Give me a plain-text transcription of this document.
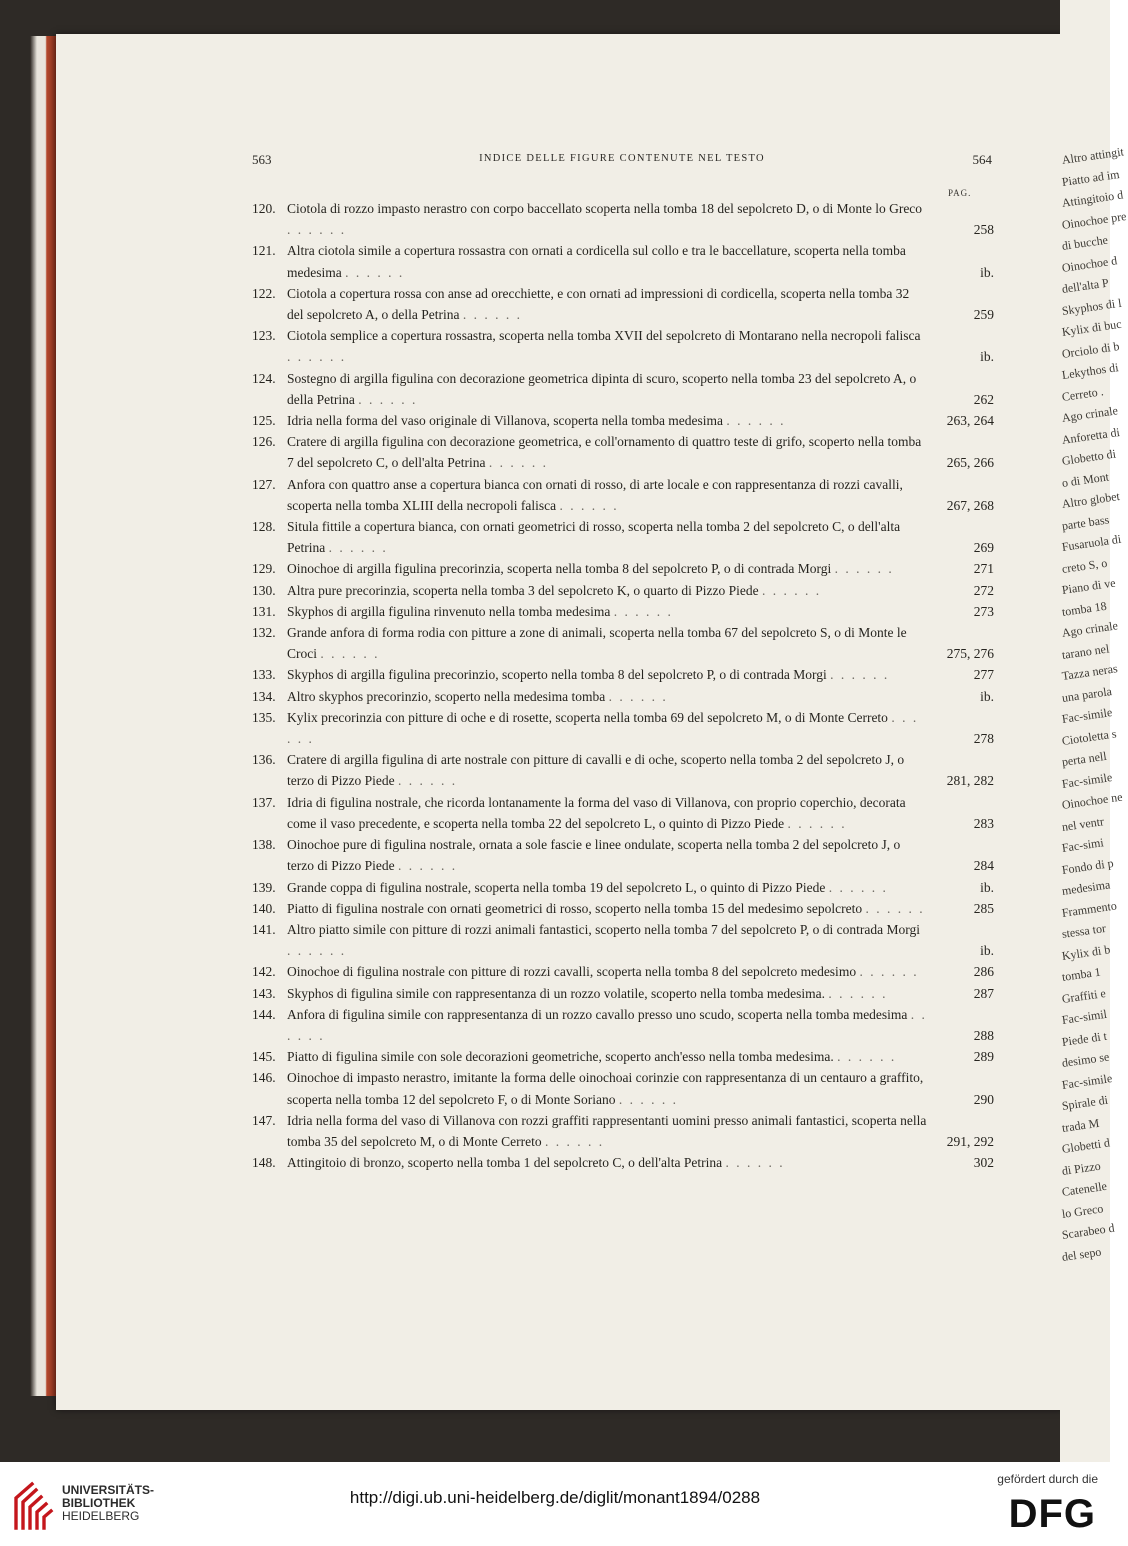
Altro attingit
Piatto ad im
Attingitoio d
Oinochoe pre
di bucche
Oinochoe d
dell'alta P
Skyphos di l
Kylix di buc
Orciolo di b
Lekythos di
Cerreto .
Ago crinale
Anforetta di
Globetto di
o di Mont
Altro globet
parte bass
Fusaruola di
creto S, o
Piano di ve
tomba 18
Ago crinale
tarano nel
Tazza neras
una parola
Fac-simile
Ciotoletta s
perta nell
Fac-simile
Oinochoe ne
nel ventr
Fac-simi
Fondo di p
medesima
Frammento
stessa tor
Kylix di b
tomba 1
Graffiti e
Fac-simil
Piede di t
desimo se
Fac-simile
Spirale di
trada M
Globetti d
di Pizzo
Catenelle
lo Greco
Scarabeo d
del sepo
563	INDICE DELLE FIGURE CONTENUTE NEL TESTO	564
PAG.
120. Ciotola di rozzo impasto nerastro con corpo baccellato scoperta nella tomba 18 del sepolcreto D, o di Monte lo Greco . . . . . .	258
121. Altra ciotola simile a copertura rossastra con ornati a cordicella sul collo e tra le baccellature, scoperta nella tomba medesima . . . . . .	ib.
122. Ciotola a copertura rossa con anse ad orecchiette, e con ornati ad impressioni di cordicella, scoperta nella tomba 32 del sepolcreto A, o della Petrina . . . . . .	259
123. Ciotola semplice a copertura rossastra, scoperta nella tomba XVII del sepolcreto di Montarano nella necropoli falisca . . . . . .	ib.
124. Sostegno di argilla figulina con decorazione geometrica dipinta di scuro, scoperto nella tomba 23 del sepolcreto A, o della Petrina . . . . . .	262
125. Idria nella forma del vaso originale di Villanova, scoperta nella tomba medesima . . . . . .	263, 264
126. Cratere di argilla figulina con decorazione geometrica, e coll'ornamento di quattro teste di grifo, scoperto nella tomba 7 del sepolcreto C, o dell'alta Petrina . . . . . .	265, 266
127. Anfora con quattro anse a copertura bianca con ornati di rosso, di arte locale e con rappresentanza di rozzi cavalli, scoperta nella tomba XLIII della necropoli falisca . . . . . .	267, 268
128. Situla fittile a copertura bianca, con ornati geometrici di rosso, scoperta nella tomba 2 del sepolcreto C, o dell'alta Petrina . . . . . .	269
129. Oinochoe di argilla figulina precorinzia, scoperta nella tomba 8 del sepolcreto P, o di contrada Morgi . . . . . .	271
130. Altra pure precorinzia, scoperta nella tomba 3 del sepolcreto K, o quarto di Pizzo Piede . . . . . .	272
131. Skyphos di argilla figulina rinvenuto nella tomba medesima . . . . . .	273
132. Grande anfora di forma rodia con pitture a zone di animali, scoperta nella tomba 67 del sepolcreto S, o di Monte le Croci . . . . . .	275, 276
133. Skyphos di argilla figulina precorinzio, scoperto nella tomba 8 del sepolcreto P, o di contrada Morgi . . . . . .	277
134. Altro skyphos precorinzio, scoperto nella medesima tomba . . . . . .	ib.
135. Kylix precorinzia con pitture di oche e di rosette, scoperta nella tomba 69 del sepolcreto M, o di Monte Cerreto . . . . . .	278
136. Cratere di argilla figulina di arte nostrale con pitture di cavalli e di oche, scoperto nella tomba 2 del sepolcreto J, o terzo di Pizzo Piede . . . . . .	281, 282
137. Idria di figulina nostrale, che ricorda lontanamente la forma del vaso di Villanova, con proprio coperchio, decorata come il vaso precedente, e scoperta nella tomba 22 del sepolcreto L, o quinto di Pizzo Piede . . . . . .	283
138. Oinochoe pure di figulina nostrale, ornata a sole fascie e linee ondulate, scoperta nella tomba 2 del sepolcreto J, o terzo di Pizzo Piede . . . . . .	284
139. Grande coppa di figulina nostrale, scoperta nella tomba 19 del sepolcreto L, o quinto di Pizzo Piede . . . . . .	ib.
140. Piatto di figulina nostrale con ornati geometrici di rosso, scoperto nella tomba 15 del medesimo sepolcreto . . . . . .	285
141. Altro piatto simile con pitture di rozzi animali fantastici, scoperto nella tomba 7 del sepolcreto P, o di contrada Morgi . . . . . .	ib.
142. Oinochoe di figulina nostrale con pitture di rozzi cavalli, scoperta nella tomba 8 del sepolcreto medesimo . . . . . .	286
143. Skyphos di figulina simile con rappresentanza di un rozzo volatile, scoperto nella tomba medesima. . . . . . .	287
144. Anfora di figulina simile con rappresentanza di un rozzo cavallo presso uno scudo, scoperta nella tomba medesima . . . . . .	288
145. Piatto di figulina simile con sole decorazioni geometriche, scoperto anch'esso nella tomba medesima. . . . . . .	289
146. Oinochoe di impasto nerastro, imitante la forma delle oinochoai corinzie con rappresentanza di un centauro a graffito, scoperta nella tomba 12 del sepolcreto F, o di Monte Soriano . . . . . .	290
147. Idria nella forma del vaso di Villanova con rozzi graffiti rappresentanti uomini presso animali fantastici, scoperta nella tomba 35 del sepolcreto M, o di Monte Cerreto . . . . . .	291, 292
148. Attingitoio di bronzo, scoperto nella tomba 1 del sepolcreto C, o dell'alta Petrina . . . . . .	302
UNIVERSITÄTS-
BIBLIOTHEK
HEIDELBERG
http://digi.ub.uni-heidelberg.de/diglit/monant1894/0288
gefördert durch die
DFG
